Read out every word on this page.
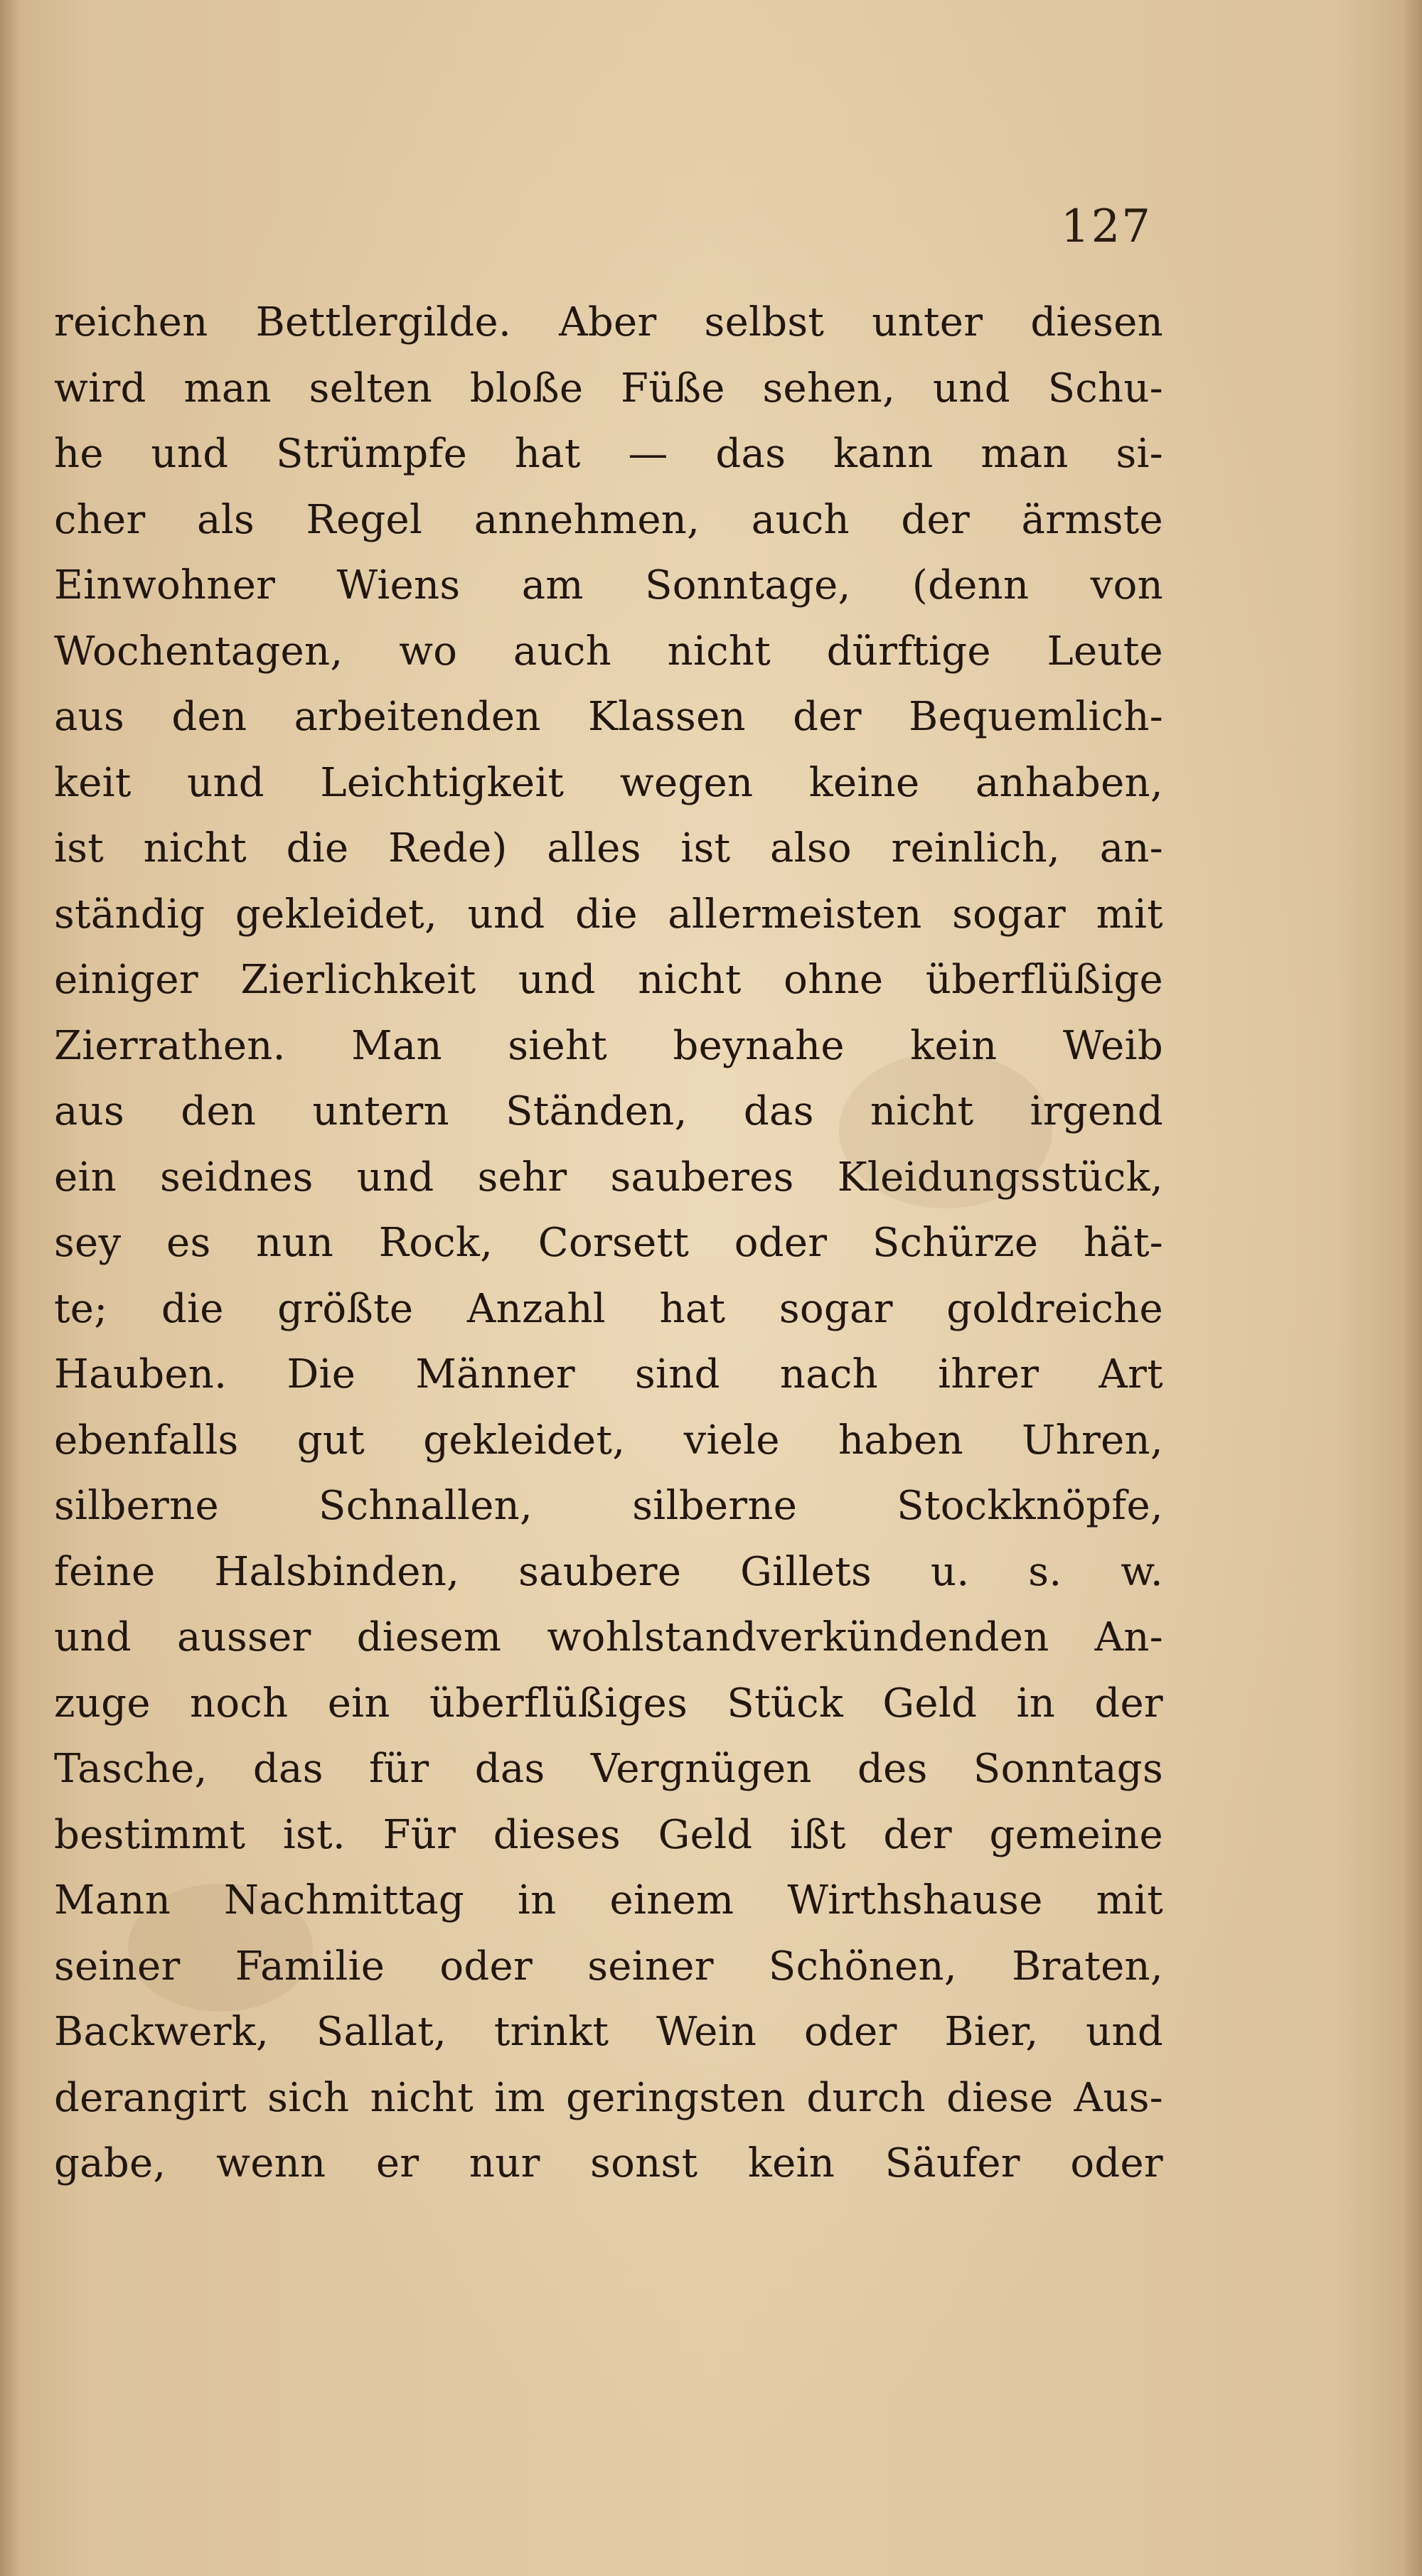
127
reichen Bettlergilde. Aber selbst unter diesen
wird man selten bloße Füße sehen, und Schu-
he und Strümpfe hat — das kann man si-
cher als Regel annehmen, auch der ärmste
Einwohner Wiens am Sonntage, (denn von
Wochentagen, wo auch nicht dürftige Leute
aus den arbeitenden Klassen der Bequemlich-
keit und Leichtigkeit wegen keine anhaben,
ist nicht die Rede) alles ist also reinlich, an-
ständig gekleidet, und die allermeisten sogar mit
einiger Zierlichkeit und nicht ohne überflüßige
Zierrathen. Man sieht beynahe kein Weib
aus den untern Ständen, das nicht irgend
ein seidnes und sehr sauberes Kleidungsstück,
sey es nun Rock, Corsett oder Schürze hät-
te; die größte Anzahl hat sogar goldreiche
Hauben. Die Männer sind nach ihrer Art
ebenfalls gut gekleidet, viele haben Uhren,
silberne Schnallen, silberne Stockknöpfe,
feine Halsbinden, saubere Gillets u. s. w.
und ausser diesem wohlstandverkündenden An-
zuge noch ein überflüßiges Stück Geld in der
Tasche, das für das Vergnügen des Sonntags
bestimmt ist. Für dieses Geld ißt der gemeine
Mann Nachmittag in einem Wirthshause mit
seiner Familie oder seiner Schönen, Braten,
Backwerk, Sallat, trinkt Wein oder Bier, und
derangirt sich nicht im geringsten durch diese Aus-
gabe, wenn er nur sonst kein Säufer oder
